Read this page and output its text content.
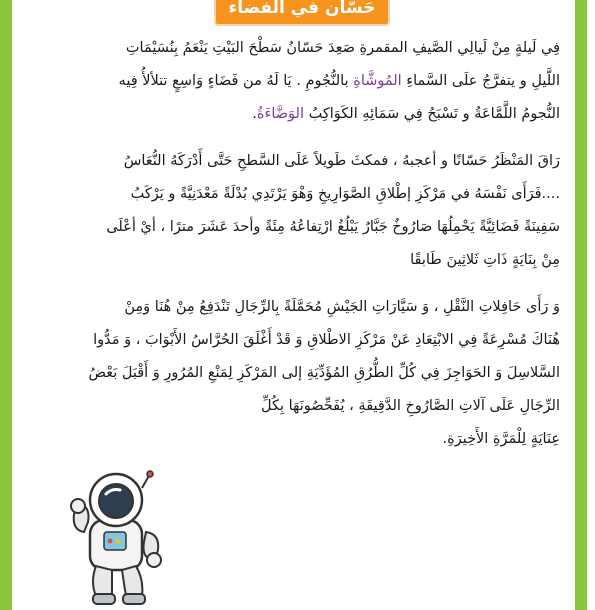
حَسّان في الفضاء
فِي لَيلةٍ مِنْ لَيالِي الصَّيفِ المقمرةِ صَعِدَ حَسّانُ سَطْحَ البَيْتِ يَنْعَمُ بِنُسَيْمَاتِ
اللَّيلِ و يتفرَّجُ علَى السَّماءِ المُوشَّاةِ بالنُّجُومِ . يَا لَهُ من فَضَاءٍ وَاسِعٍ تتلألأُ فِيه
النُّجومُ اللَّمَّاعَةُ و تَسْبَحُ فِي سَمَائِهِ الكَوَاكِبُ الوَضَّاءَةُ.
رَاقَ المَنْظَرُ حَسّانًا و أعجبهُ ، فمكثَ طَويلاً عَلَى السَّطحِ حَتَّى أَدْرَكَهُ النُّعَاسُ
....فَرَأَى نَفْسَهُ في مَرْكَزِ إطْلاقِ الصَّوَارِيخِ وَهْوَ يَرْتَدِي بُدْلَةً مَعْدَنِيَّةً و يَرْكَبُ
سَفِينَةً فَضَائِيَّةً يَحْمِلُهَا صَارُوخٌ جَبَّارٌ يَبْلُغُ ارْتِفاعُهُ مِئَةً وأحدَ عَشَرَ مترًا ، أيْ أعْلَى
مِنْ بِنَايَةٍ ذَاتِ ثَلاثِينَ طَابقًا
وَ رَأَى حَافِلاتِ النَّقْلِ ، وَ سَيَّارَاتِ الجَيْشِ مُحَمَّلَةً بِالرِّجَالِ تَنْدَفِعُ مِنْ هُنَا وَمِنْ
هُنَاكَ مُسْرِعَةً فِي الابْتِعَادِ عَنْ مَرْكَزِ الاطْلاقِ وَ قَدْ أَغْلَقَ الحُرَّاسُ الأَبْوَابَ ، وَ مَدُّوا
السَّلاسِلَ وَ الحَوَاجِزَ فِي كُلِّ الطُّرُقِ المُؤَدِّيَةِ إلى المَرْكَزِ لِمَنْعِ المُرُورِ وَ أَقْبَلَ بَعْضُ
الرِّجَالِ عَلَى آلاتِ الصَّارُوخِ الدَّقِيقَةِ ، يُفَحِّصُونَهَا بِكُلِّ
عِنَايَةٍ لِلْمَرَّةِ الأَخِيرَةِ.
